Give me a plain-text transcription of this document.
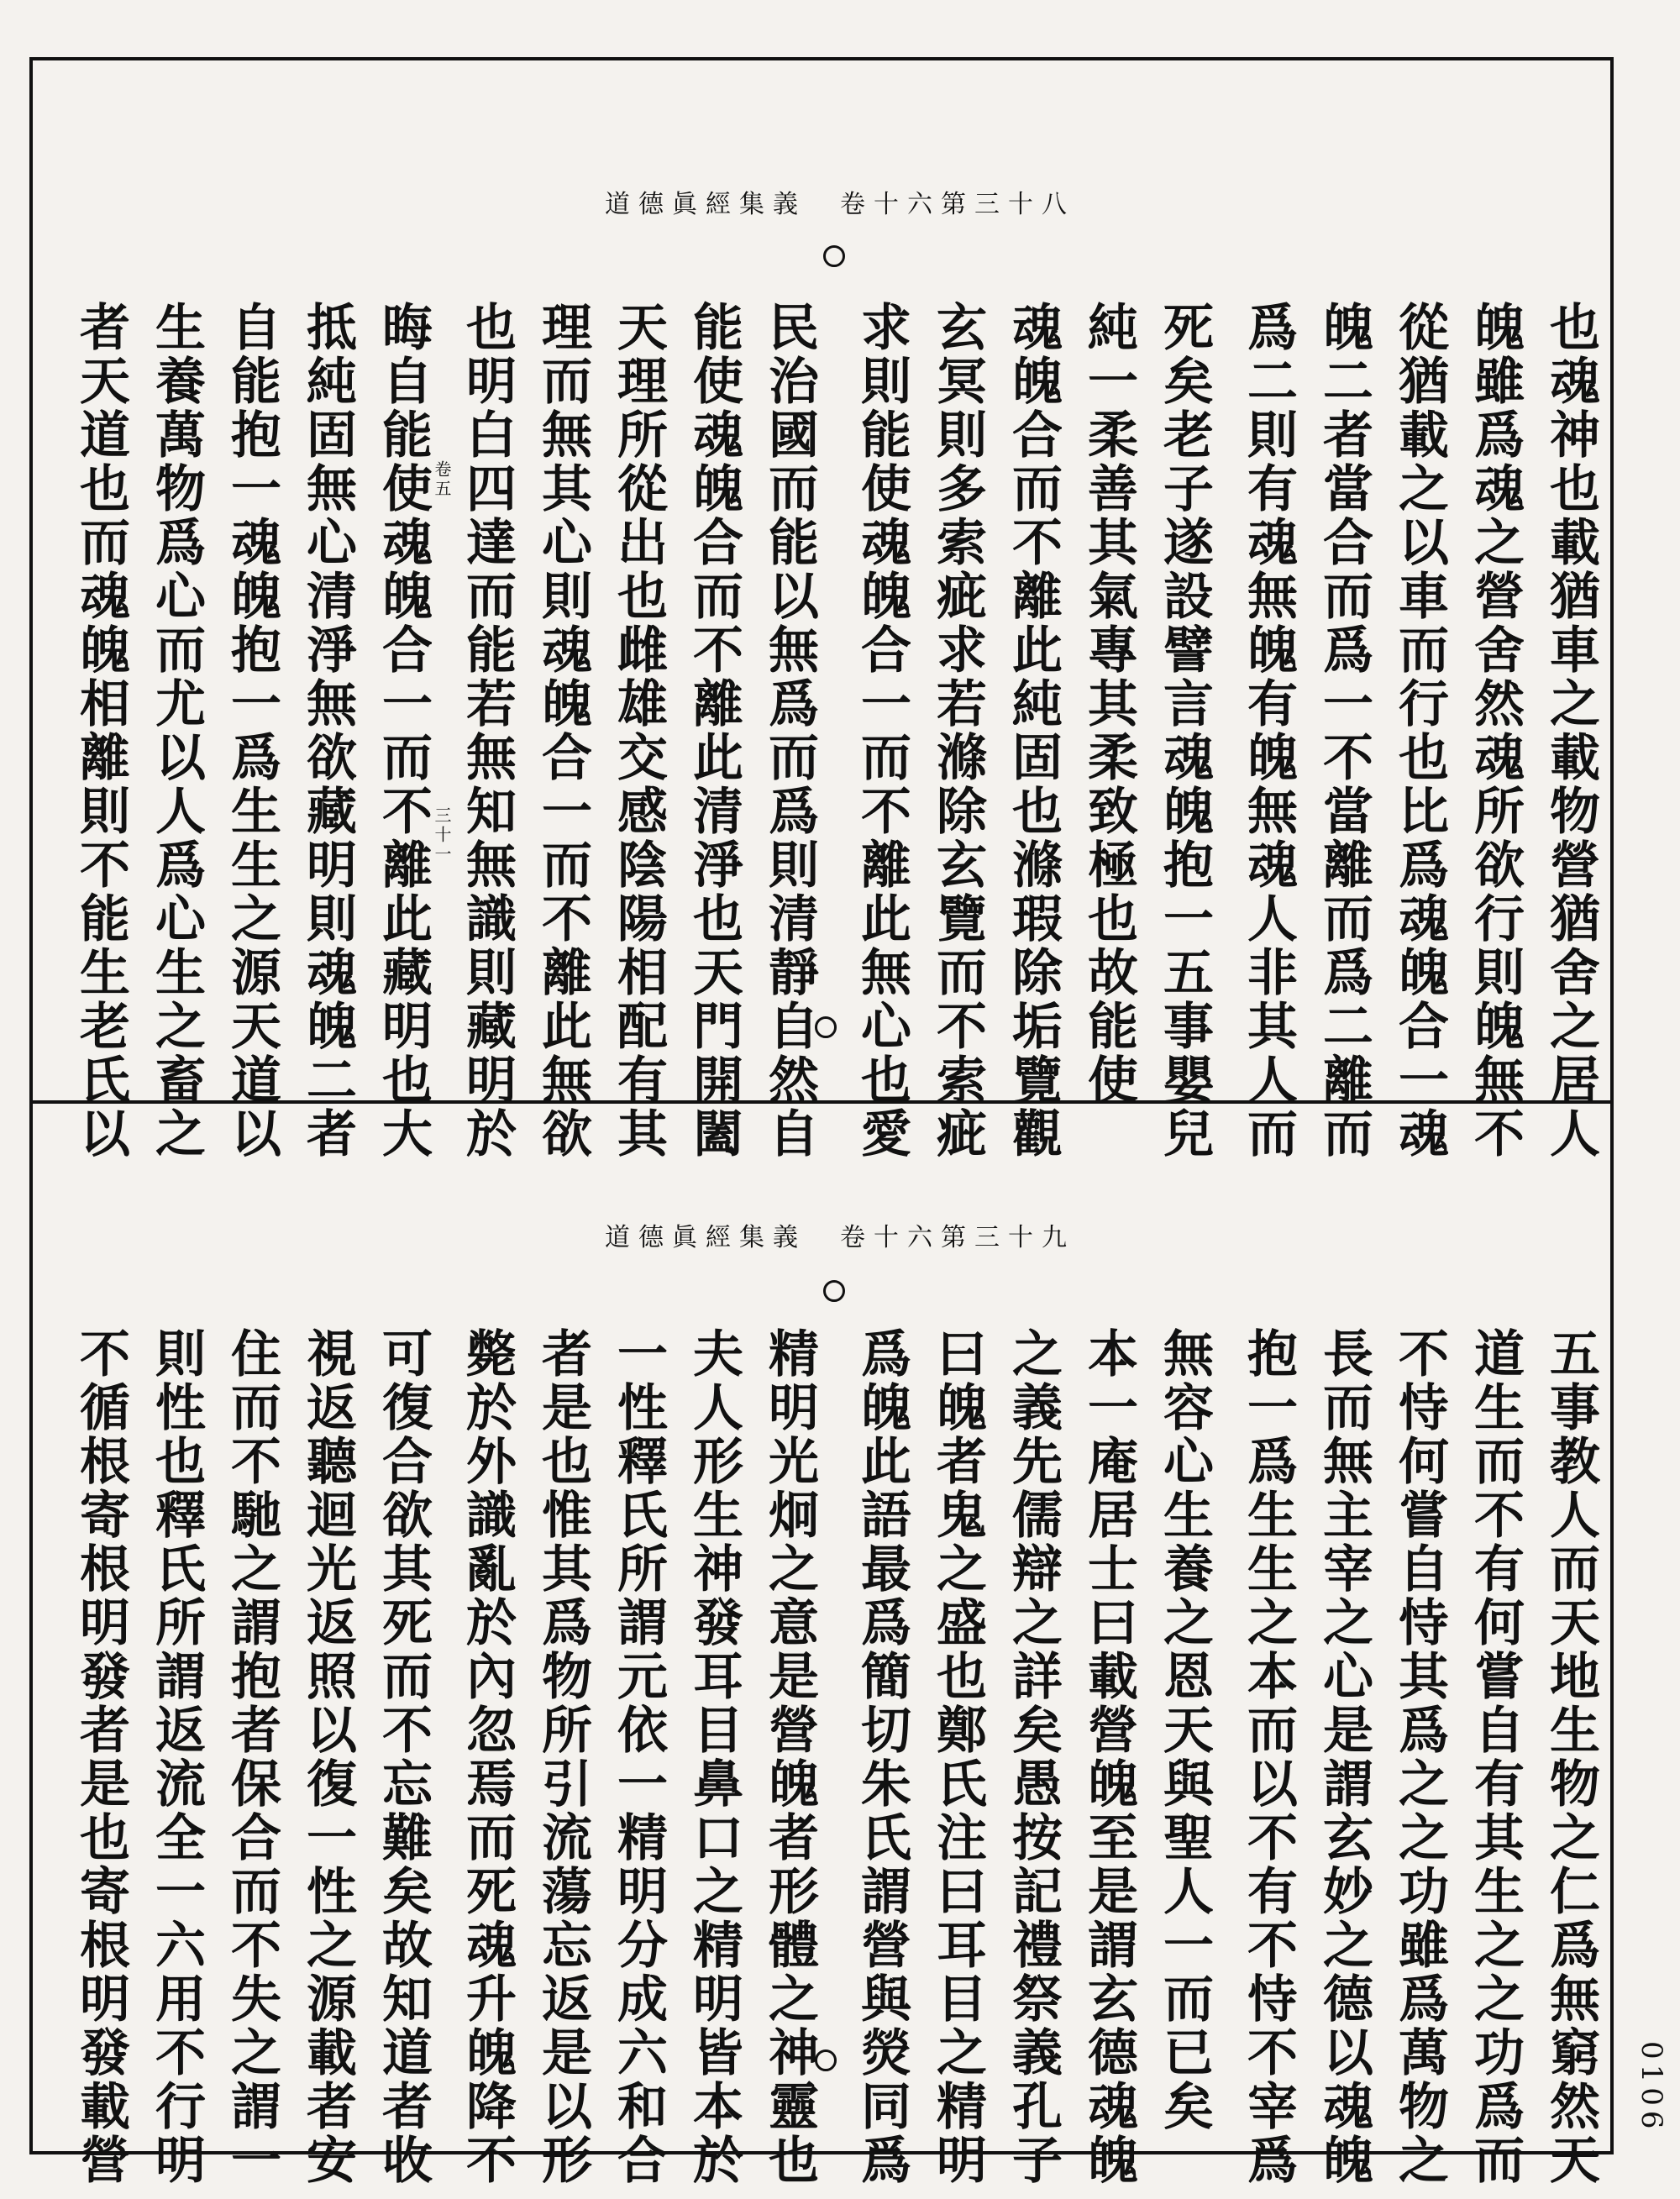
道德眞經集義　卷十六第三十八
也魂神也載猶車之載物營猶舍之居人
魄雖爲魂之營舍然魂所欲行則魄無不
從猶載之以車而行也比爲魂魄合一魂
魄二者當合而爲一不當離而爲二離而
爲二則有魂無魄有魄無魂人非其人而
死矣老子遂設譬言魂魄抱一五事嬰兒
純一柔善其氣專其柔致極也故能使
魂魄合而不離此純固也滌瑕除垢覽觀
玄冥則多索疵求若滌除玄覽而不索疵
求則能使魂魄合一而不離此無心也愛
民治國而能以無爲而爲則清靜自然自
能使魂魄合而不離此清淨也天門開闔
天理所從出也雌雄交感陰陽相配有其
理而無其心則魂魄合一而不離此無欲
也明白四達而能若無知無識則藏明於
晦自能使魂魄合一而不離此藏明也大
抵純固無心清淨無欲藏明則魂魄二者
自能抱一魂魄抱一爲生生之源天道以
生養萬物爲心而尤以人爲心生之畜之
者天道也而魂魄相離則不能生老氏以	卷五
三十一
道德眞經集義　卷十六第三十九
五事教人而天地生物之仁爲無窮然天
道生而不有何嘗自有其生之之功爲而
不恃何嘗自恃其爲之之功雖爲萬物之
長而無主宰之心是謂玄妙之德以魂魄
抱一爲生生之本而以不有不恃不宰爲
無容心生養之恩天與聖人一而已矣
本一庵居士曰載營魄至是謂玄德魂魄
之義先儒辯之詳矣愚按記禮祭義孔子
曰魄者鬼之盛也鄭氏注曰耳目之精明
爲魄此語最爲簡切朱氏謂營與熒同爲
精明光炯之意是營魄者形體之神靈也
夫人形生神發耳目鼻口之精明皆本於
一性釋氏所謂元依一精明分成六和合
者是也惟其爲物所引流蕩忘返是以形
斃於外識亂於內忽焉而死魂升魄降不
可復合欲其死而不忘難矣故知道者收
視返聽迴光返照以復一性之源載者安
住而不馳之謂抱者保合而不失之謂一
則性也釋氏所謂返流全一六用不行明
不循根寄根明發者是也寄根明發載營	0106
